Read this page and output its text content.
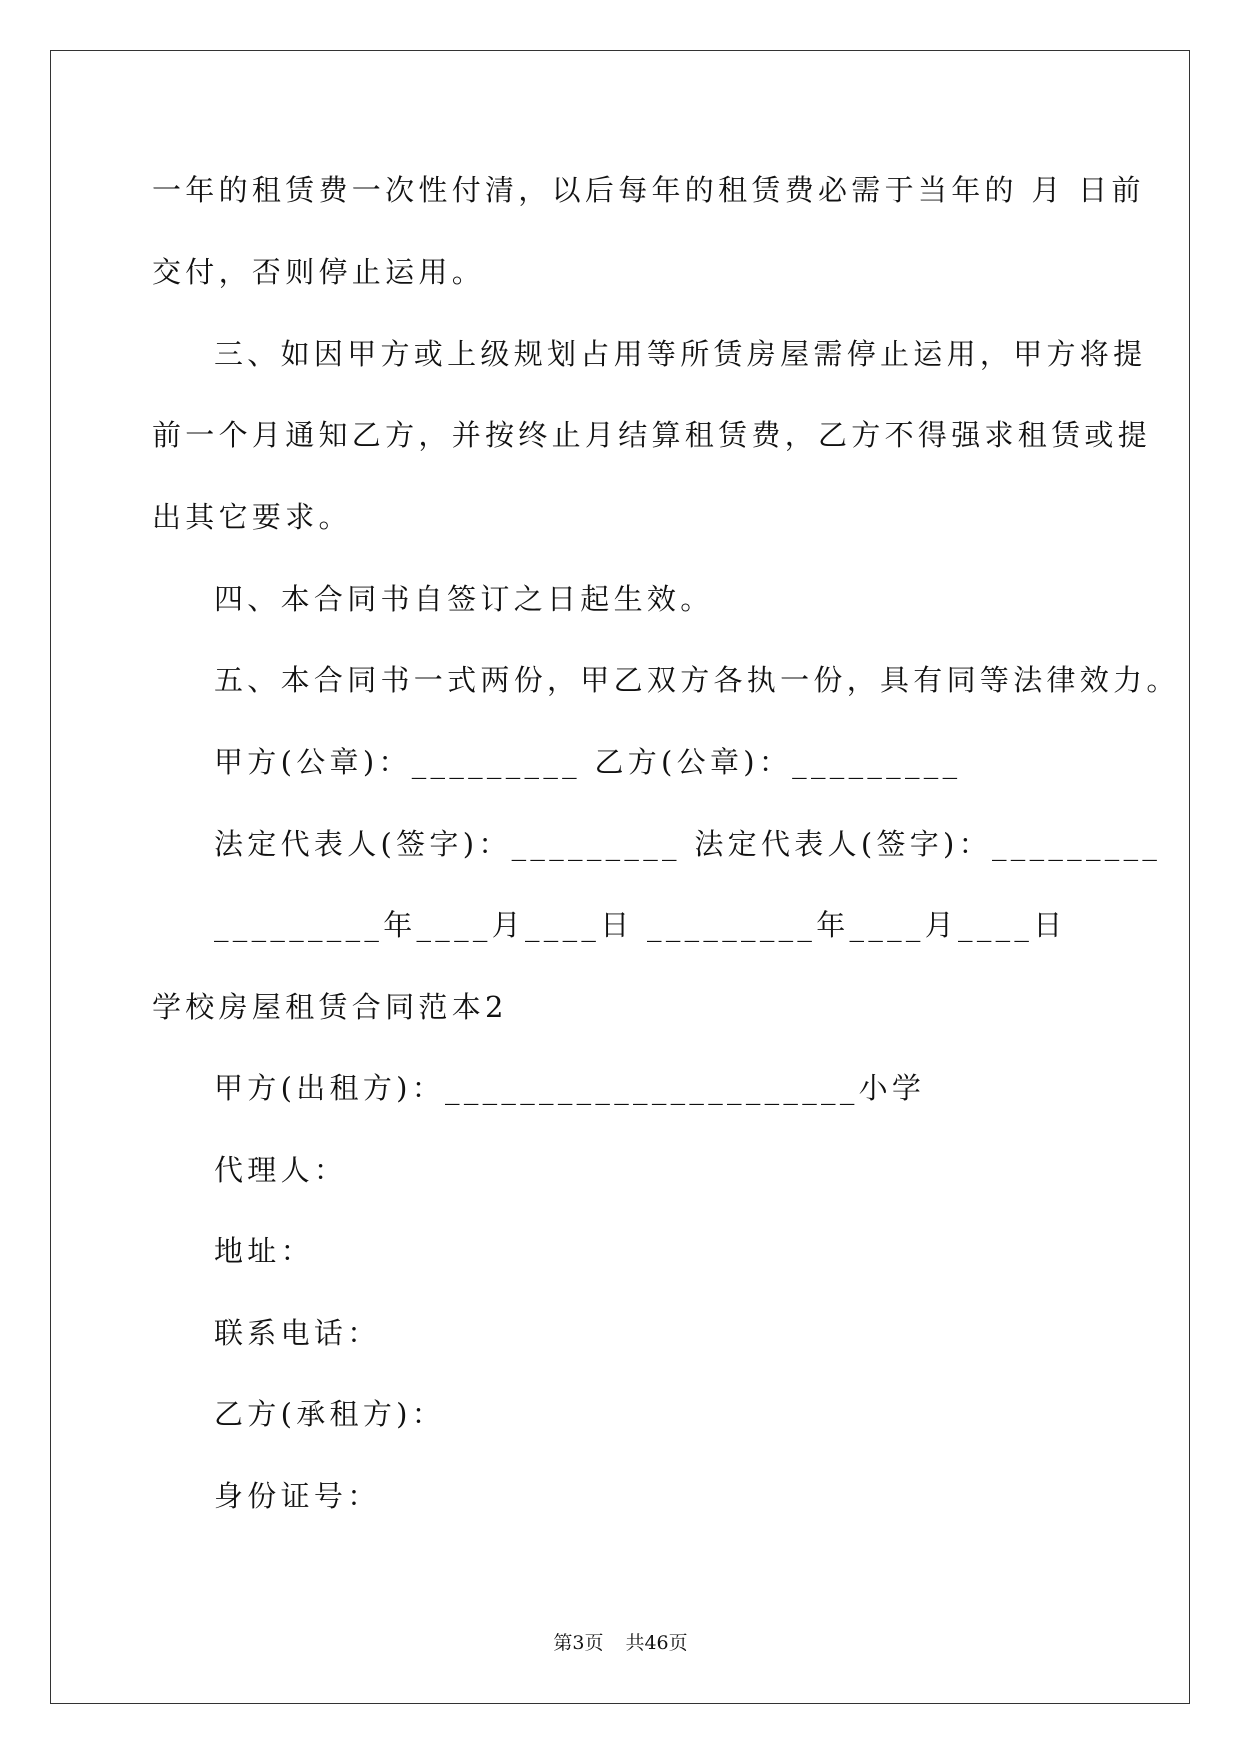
一年的租赁费一次性付清，以后每年的租赁费必需于当年的 月 日前
交付，否则停止运用。
三、如因甲方或上级规划占用等所赁房屋需停止运用，甲方将提
前一个月通知乙方，并按终止月结算租赁费，乙方不得强求租赁或提
出其它要求。
四、本合同书自签订之日起生效。
五、本合同书一式两份，甲乙双方各执一份，具有同等法律效力。
甲方(公章)：_________ 乙方(公章)：_________
法定代表人(签字)：_________ 法定代表人(签字)：_________
_________年____月____日 _________年____月____日
学校房屋租赁合同范本2
甲方(出租方)：______________________小学
代理人：
地址：
联系电话：
乙方(承租方)：
身份证号：
第3页 共46页
